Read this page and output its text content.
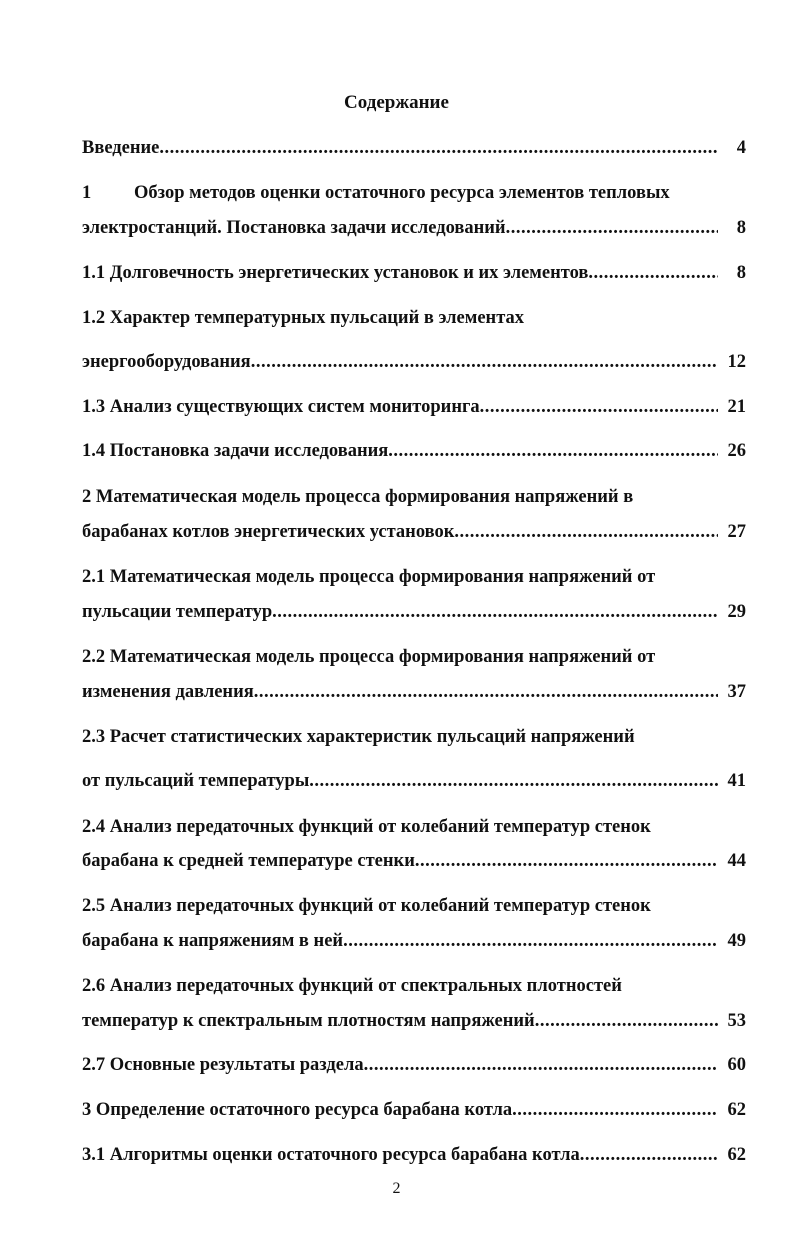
Содержание
Введение .....	4
1 Обзор методов оценки остаточного ресурса элементов тепловых
электростанций. Постановка задачи исследований .....	8
1.1 Долговечность энергетических установок и их элементов .....	8
1.2 Характер температурных пульсаций в элементах
энергооборудования .....	12
1.3 Анализ существующих систем мониторинга .....	21
1.4 Постановка задачи исследования .....	26
2 Математическая модель процесса формирования напряжений в
барабанах котлов энергетических установок .....	27
2.1 Математическая модель процесса формирования напряжений от
пульсации температур .....	29
2.2 Математическая модель процесса формирования напряжений от
изменения давления .....	37
2.3 Расчет статистических характеристик пульсаций напряжений
от пульсаций температуры .....	41
2.4 Анализ передаточных функций от колебаний температур стенок
барабана к средней температуре стенки .....	44
2.5 Анализ передаточных функций от колебаний температур стенок
барабана к напряжениям в ней .....	49
2.6 Анализ передаточных функций от спектральных плотностей
температур к спектральным плотностям напряжений .....	53
2.7 Основные результаты раздела .....	60
3 Определение остаточного ресурса барабана котла .....	62
3.1 Алгоритмы оценки остаточного ресурса барабана котла .....	62
2
